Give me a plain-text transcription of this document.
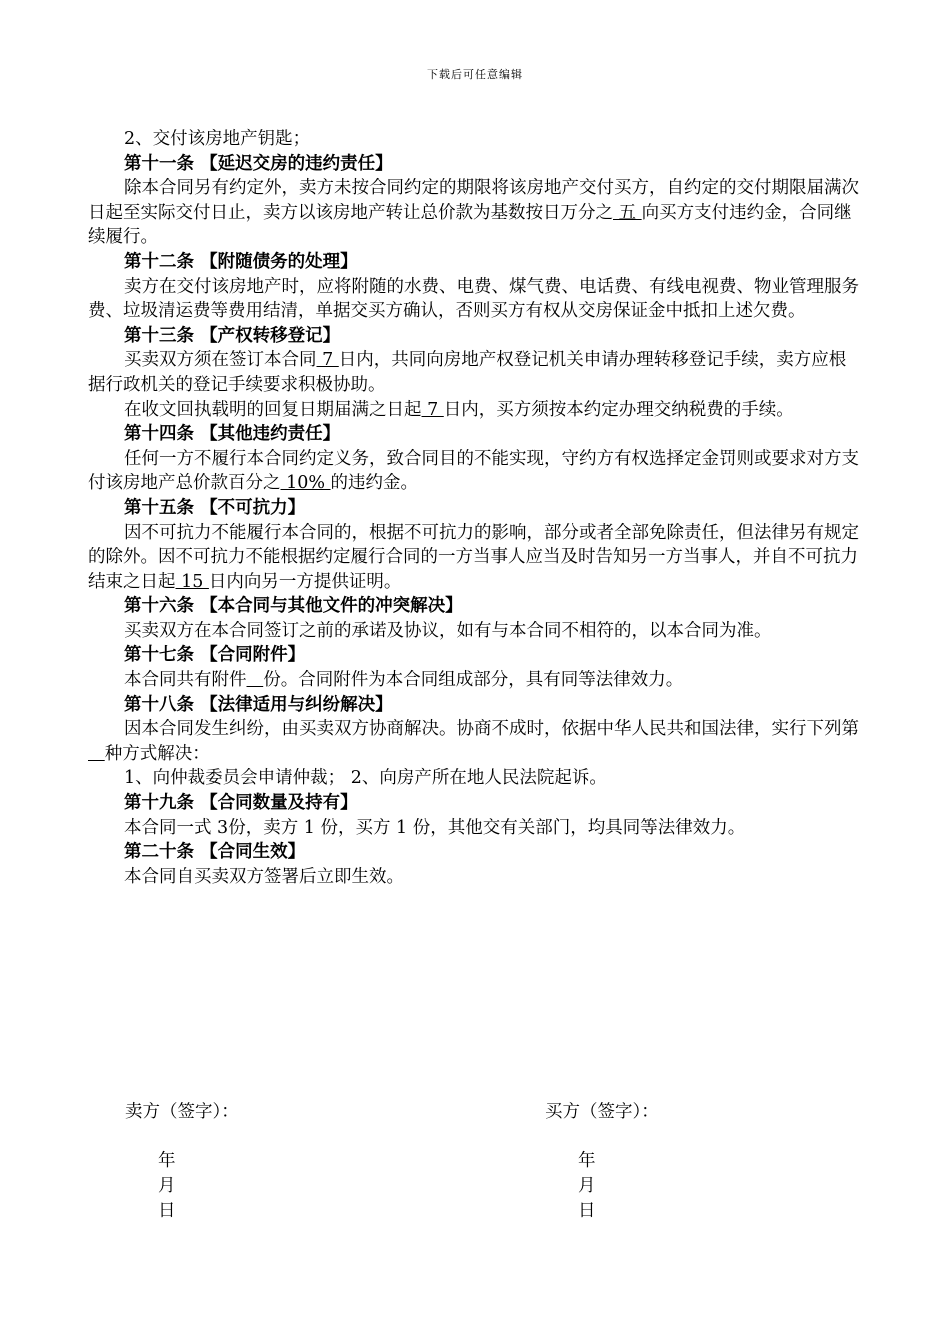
下载后可任意编辑

2、交付该房地产钥匙；

第十一条 【延迟交房的违约责任】

除本合同另有约定外，卖方未按合同约定的期限将该房地产交付买方，自约定的交付期限届满次日起至实际交付日止，卖方以该房地产转让总价款为基数按日万分之 五 向买方支付违约金，合同继续履行。

第十二条 【附随债务的处理】

卖方在交付该房地产时，应将附随的水费、电费、煤气费、电话费、有线电视费、物业管理服务费、垃圾清运费等费用结清，单据交买方确认，否则买方有权从交房保证金中抵扣上述欠费。

第十三条 【产权转移登记】

买卖双方须在签订本合同 7 日内，共同向房地产权登记机关申请办理转移登记手续，卖方应根据行政机关的登记手续要求积极协助。

在收文回执载明的回复日期届满之日起 7 日内，买方须按本约定办理交纳税费的手续。

第十四条 【其他违约责任】

任何一方不履行本合同约定义务，致合同目的不能实现，守约方有权选择定金罚则或要求对方支付该房地产总价款百分之 10% 的违约金。

第十五条 【不可抗力】

因不可抗力不能履行本合同的，根据不可抗力的影响，部分或者全部免除责任，但法律另有规定的除外。因不可抗力不能根据约定履行合同的一方当事人应当及时告知另一方当事人，并自不可抗力结束之日起 15 日内向另一方提供证明。

第十六条 【本合同与其他文件的冲突解决】

买卖双方在本合同签订之前的承诺及协议，如有与本合同不相符的，以本合同为准。

第十七条 【合同附件】

本合同共有附件 份。合同附件为本合同组成部分，具有同等法律效力。

第十八条 【法律适用与纠纷解决】

因本合同发生纠纷，由买卖双方协商解决。协商不成时，依据中华人民共和国法律，实行下列第   种方式解决：

1、向仲裁委员会申请仲裁； 2、向房产所在地人民法院起诉。

第十九条 【合同数量及持有】

本合同一式 3份，卖方 1 份，买方 1 份，其他交有关部门，均具同等法律效力。

第二十条 【合同生效】

本合同自买卖双方签署后立即生效。

卖方（签字）：	买方（签字）：
年月日
年月日
